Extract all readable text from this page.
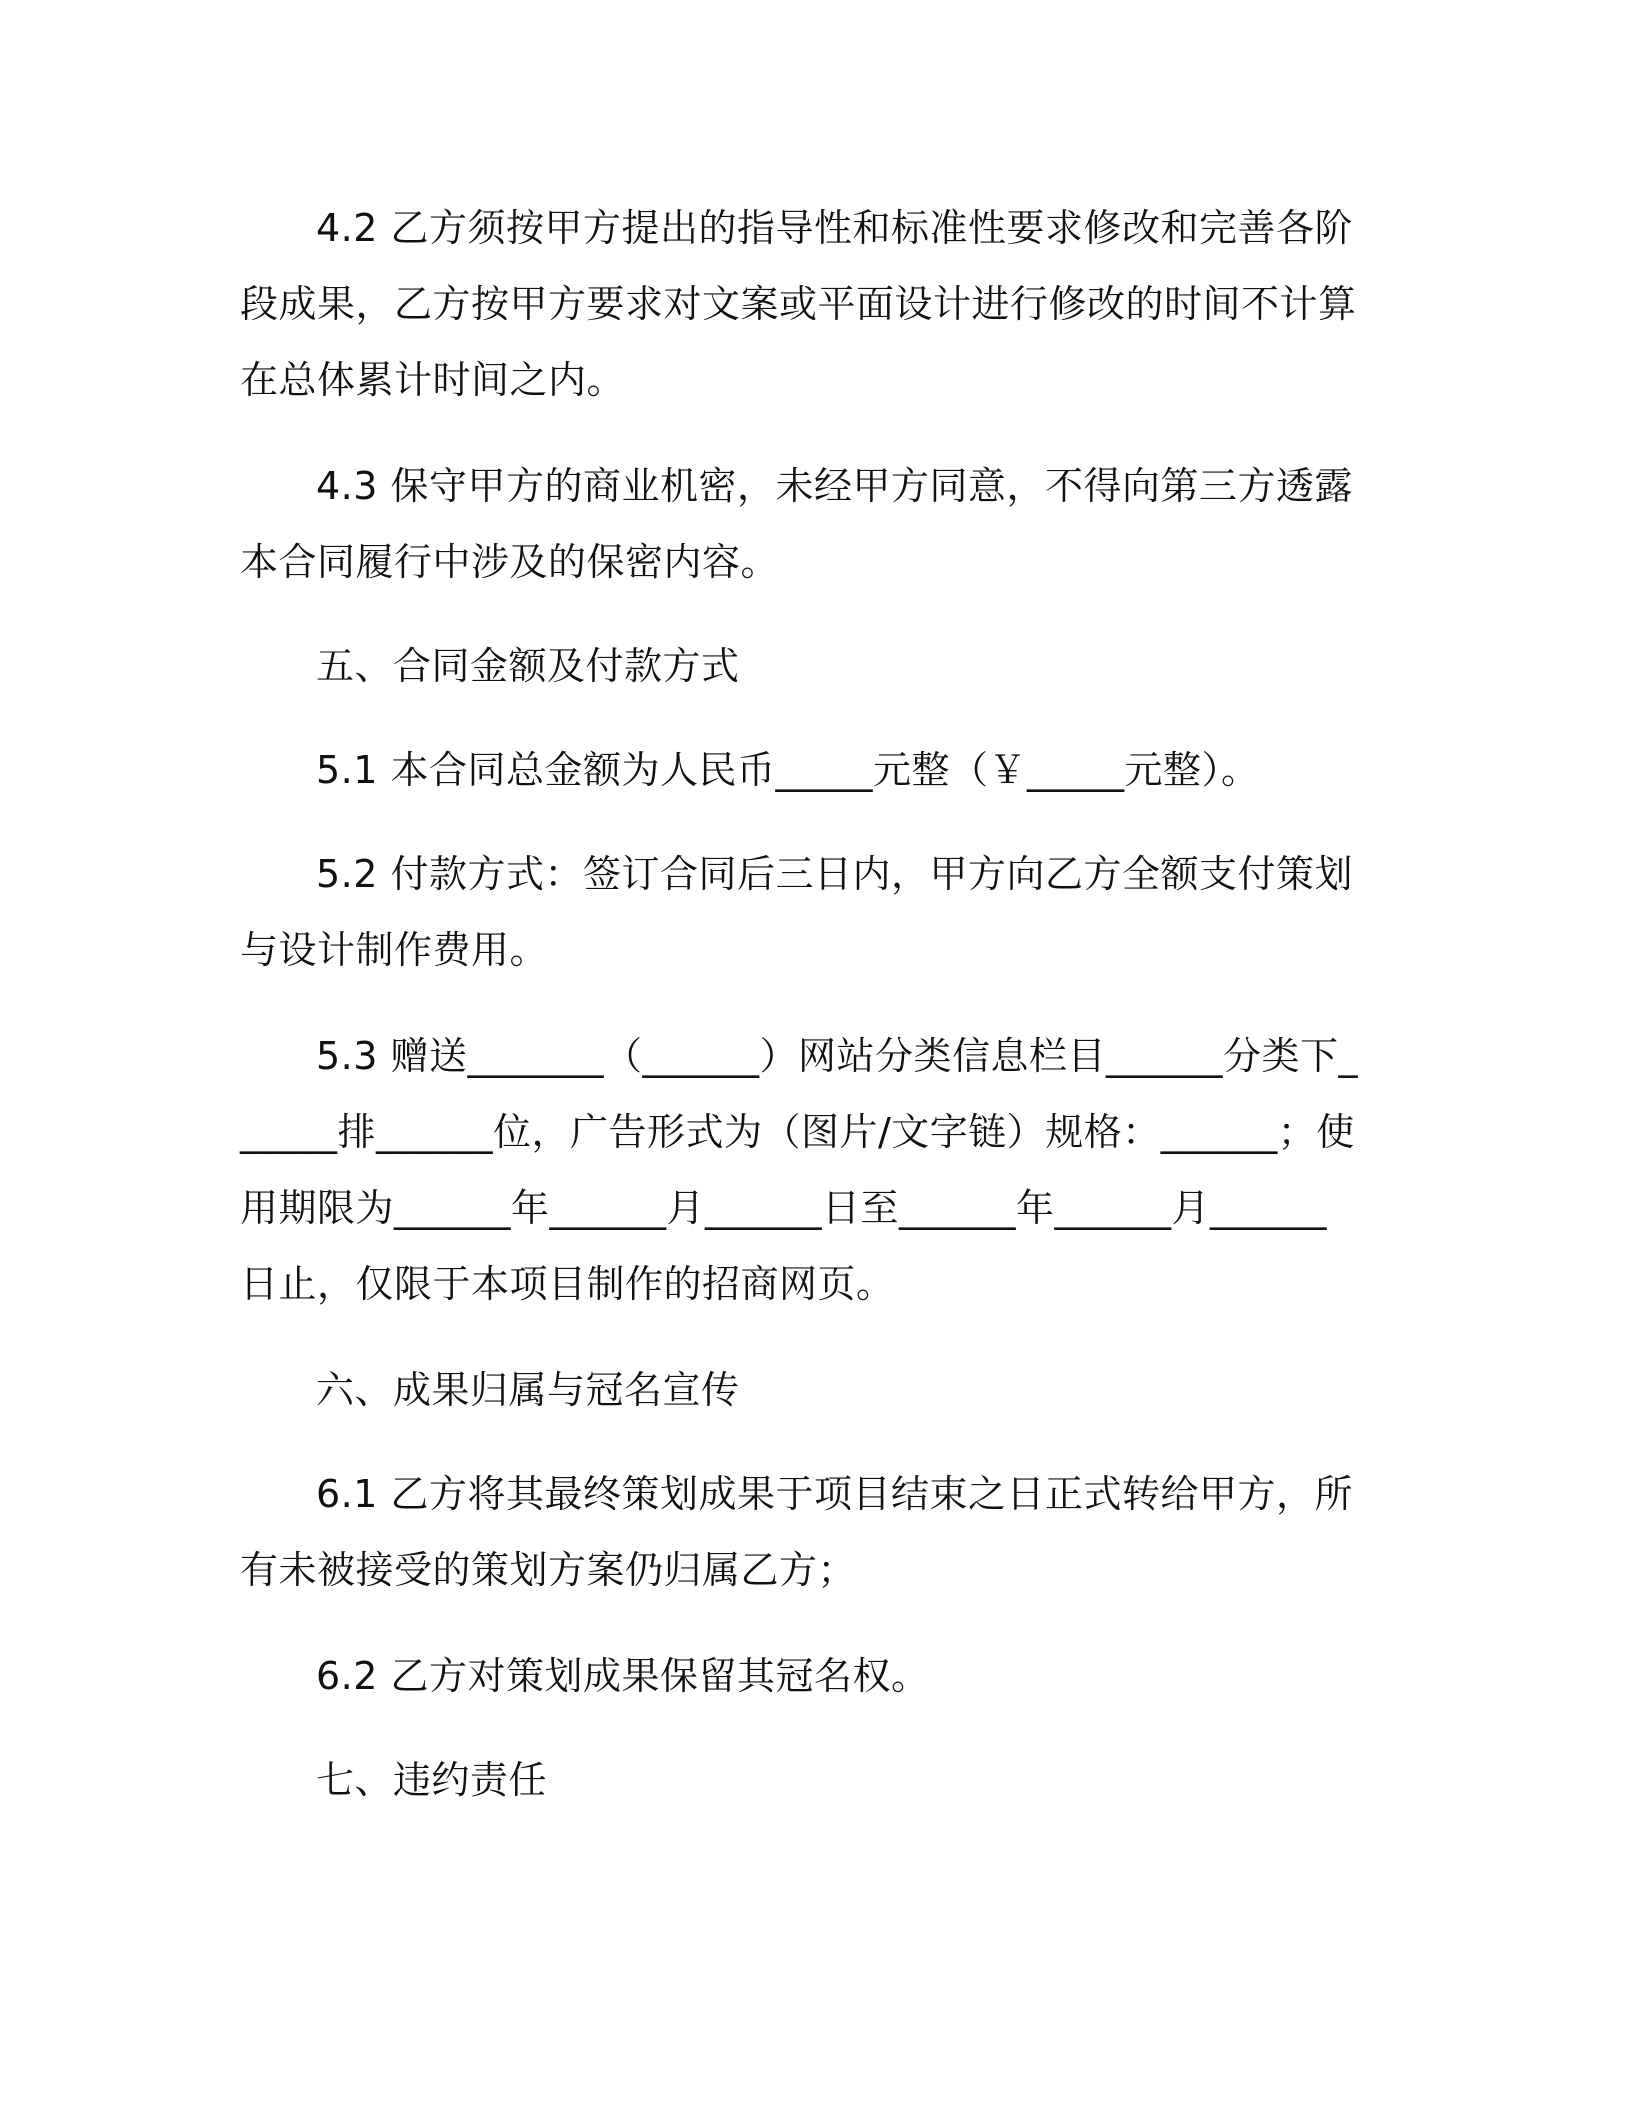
4.2 乙方须按甲方提出的指导性和标准性要求修改和完善各阶段成果，乙方按甲方要求对文案或平面设计进行修改的时间不计算在总体累计时间之内。

4.3 保守甲方的商业机密，未经甲方同意，不得向第三方透露本合同履行中涉及的保密内容。

五、合同金额及付款方式

5.1 本合同总金额为人民币_____元整（￥_____元整）。

5.2 付款方式：签订合同后三日内，甲方向乙方全额支付策划与设计制作费用。

5.3 赠送_______（______）网站分类信息栏目______分类下______排______位，广告形式为（图片/文字链）规格：______；使用期限为______年______月______日至______年______月______日止，仅限于本项目制作的招商网页。

六、成果归属与冠名宣传

6.1 乙方将其最终策划成果于项目结束之日正式转给甲方，所有未被接受的策划方案仍归属乙方；

6.2 乙方对策划成果保留其冠名权。

七、违约责任
